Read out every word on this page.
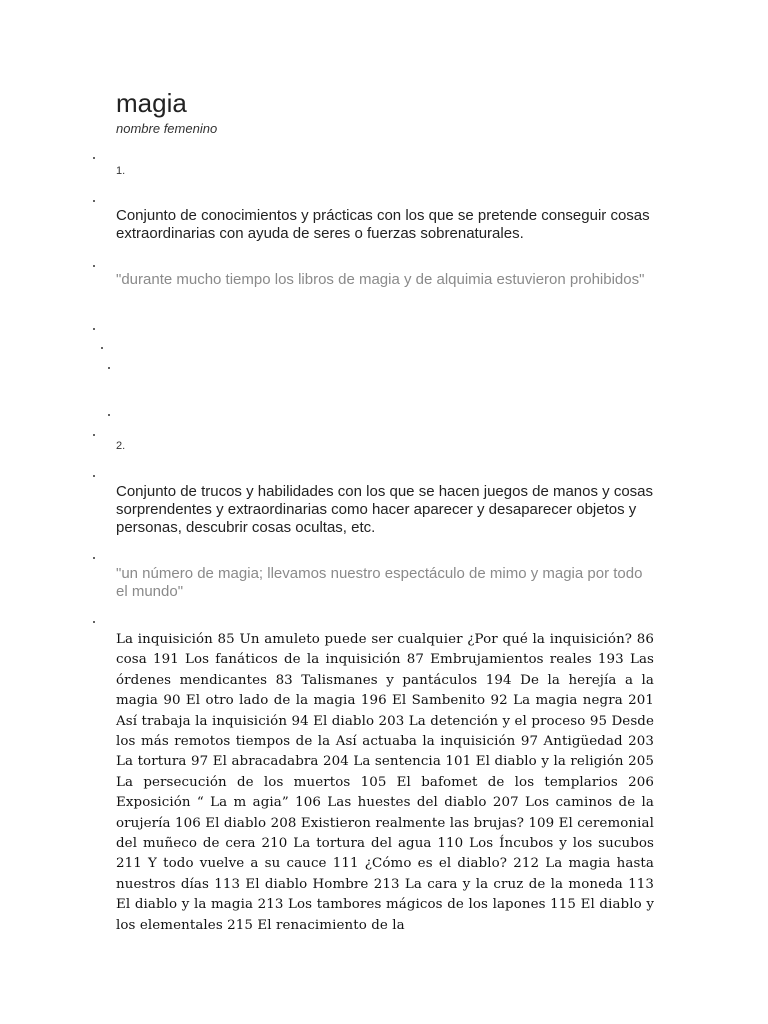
magia
nombre femenino
1.
Conjunto de conocimientos y prácticas con los que se pretende conseguir cosas extraordinarias con ayuda de seres o fuerzas sobrenaturales.
"durante mucho tiempo los libros de magia y de alquimia estuvieron prohibidos"
2.
Conjunto de trucos y habilidades con los que se hacen juegos de manos y cosas sorprendentes y extraordinarias como hacer aparecer y desaparecer objetos y personas, descubrir cosas ocultas, etc.
"un número de magia; llevamos nuestro espectáculo de mimo y magia por todo el mundo"
La inquisición 85 Un amuleto puede ser cualquier ¿Por qué la inquisición? 86 cosa 191 Los fanáticos de la inquisición 87 Embrujamientos reales 193 Las órdenes mendicantes 83 Talismanes y pantáculos 194 De la herejía a la magia 90 El otro lado de la magia 196 El Sambenito 92 La magia negra 201 Así trabaja la inquisición 94 El diablo 203 La detención y el proceso 95 Desde los más remotos tiempos de la Así actuaba la inquisición 97 Antigüedad 203 La tortura 97 El abracadabra 204 La sentencia 101 El diablo y la religión 205 La persecución de los muertos 105 El bafomet de los templarios 206 Exposición “ La m agia” 106 Las huestes del diablo 207 Los caminos de la orujería 106 El diablo 208 Existieron realmente las brujas? 109 El ceremonial del muñeco de cera 210 La tortura del agua 110 Los Íncubos y los sucubos 211 Y todo vuelve a su cauce 111 ¿Cómo es el diablo? 212 La magia hasta nuestros días 113 El diablo Hombre 213 La cara y la cruz de la moneda 113 El diablo y la magia 213 Los tambores mágicos de los lapones 115 El diablo y los elementales 215 El renacimiento de la
